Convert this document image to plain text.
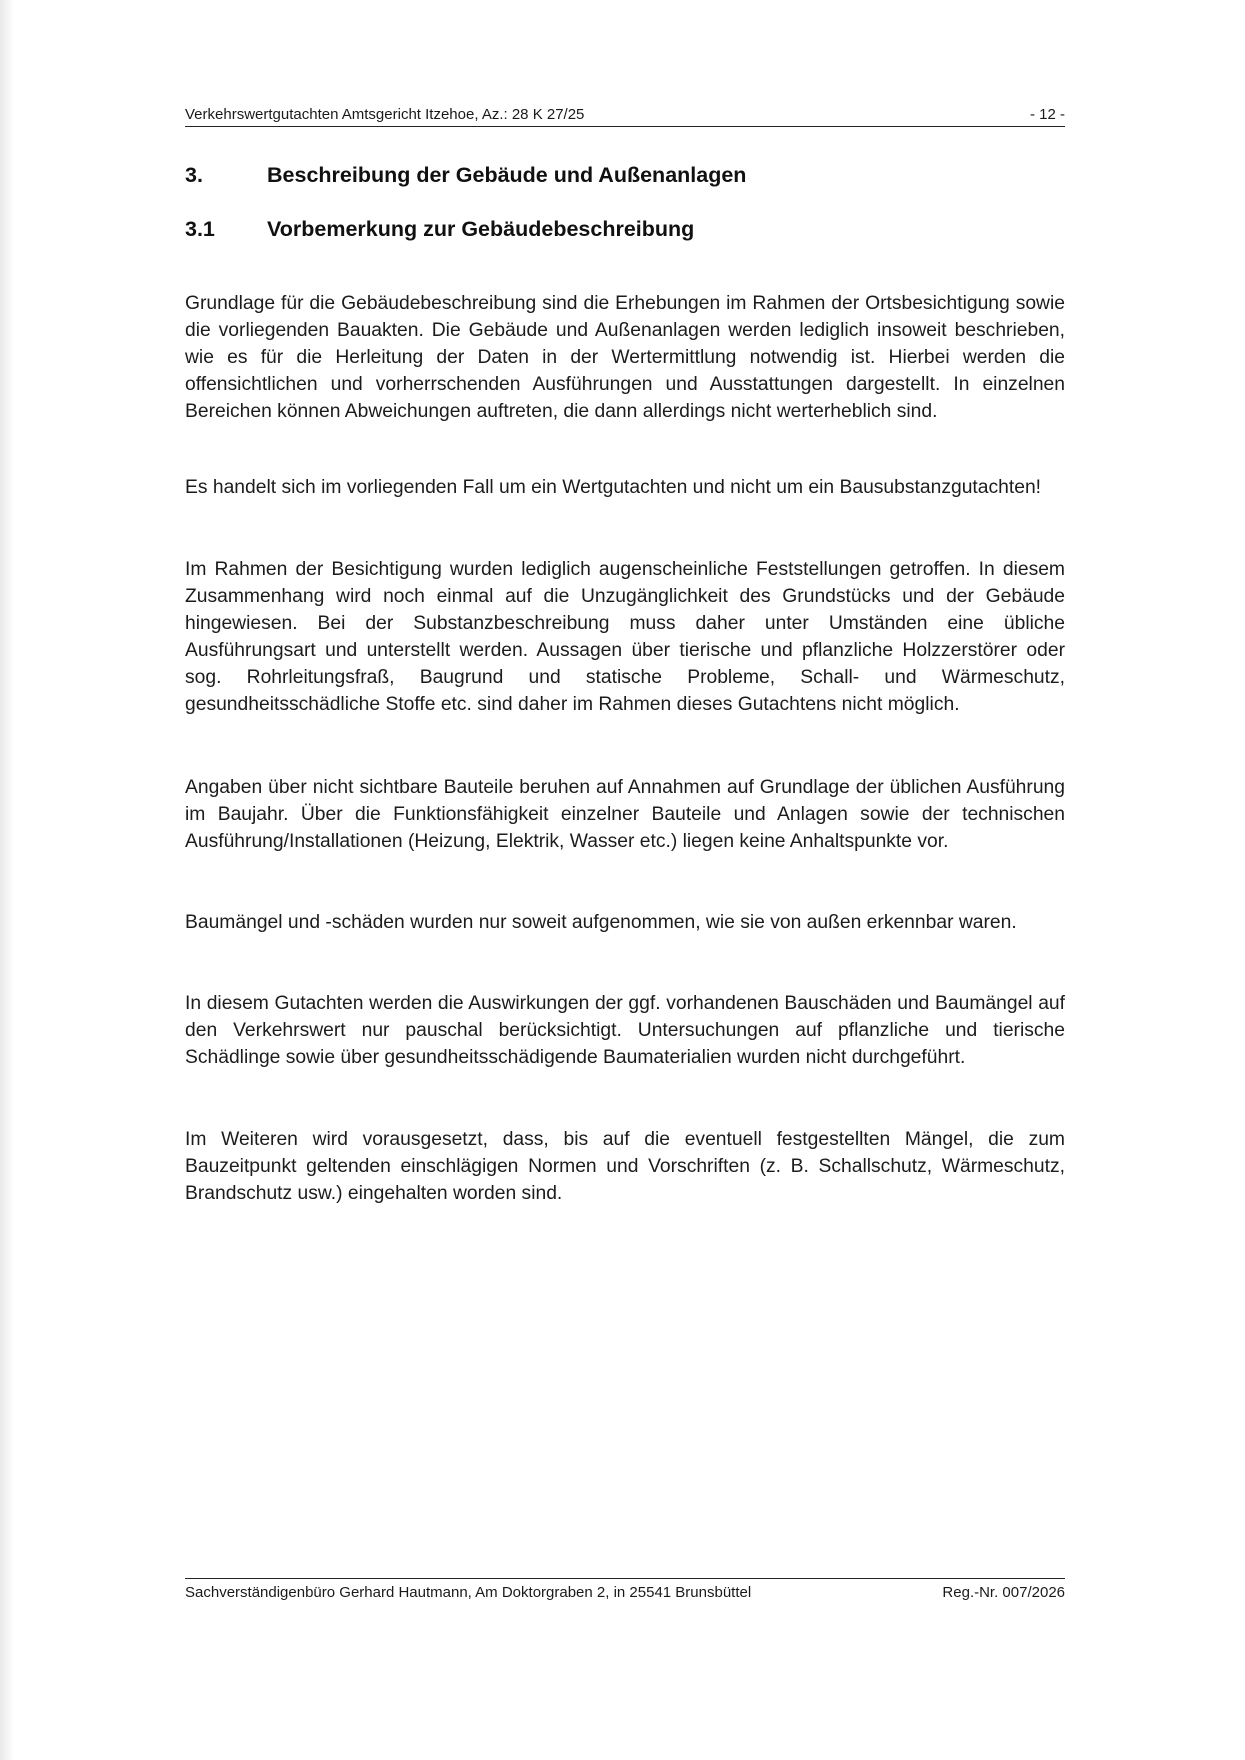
Verkehrswertgutachten Amtsgericht Itzehoe, Az.: 28 K 27/25	- 12 -
3.	Beschreibung der Gebäude und Außenanlagen
3.1 Vorbemerkung zur Gebäudebeschreibung

Grundlage für die Gebäudebeschreibung sind die Erhebungen im Rahmen der Ortsbesichtigung sowie die vorliegenden Bauakten. Die Gebäude und Außenanlagen werden lediglich insoweit beschrieben, wie es für die Herleitung der Daten in der Wertermittlung notwendig ist. Hierbei werden die offensichtlichen und vorherrschenden Ausführungen und Ausstattungen dargestellt. In einzelnen Bereichen können Abweichungen auftreten, die dann allerdings nicht werterheblich sind.

Es handelt sich im vorliegenden Fall um ein Wertgutachten und nicht um ein Bausubstanzgutachten!

Im Rahmen der Besichtigung wurden lediglich augenscheinliche Feststellungen getroffen. In diesem Zusammenhang wird noch einmal auf die Unzugänglichkeit des Grundstücks und der Gebäude hingewiesen. Bei der Substanzbeschreibung muss daher unter Umständen eine übliche Ausführungsart und unterstellt werden. Aussagen über tierische und pflanzliche Holzzerstörer oder sog. Rohrleitungsfraß, Baugrund und statische Probleme, Schall- und Wärmeschutz, gesundheitsschädliche Stoffe etc. sind daher im Rahmen dieses Gutachtens nicht möglich.

Angaben über nicht sichtbare Bauteile beruhen auf Annahmen auf Grundlage der üblichen Ausführung im Baujahr. Über die Funktionsfähigkeit einzelner Bauteile und Anlagen sowie der technischen Ausführung/Installationen (Heizung, Elektrik, Wasser etc.) liegen keine Anhaltspunkte vor.

Baumängel und -schäden wurden nur soweit aufgenommen, wie sie von außen erkennbar waren.

In diesem Gutachten werden die Auswirkungen der ggf. vorhandenen Bauschäden und Baumängel auf den Verkehrswert nur pauschal berücksichtigt. Untersuchungen auf pflanzliche und tierische Schädlinge sowie über gesundheitsschädigende Baumaterialien wurden nicht durchgeführt.

Im Weiteren wird vorausgesetzt, dass, bis auf die eventuell festgestellten Mängel, die zum Bauzeitpunkt geltenden einschlägigen Normen und Vorschriften (z. B. Schallschutz, Wärmeschutz, Brandschutz usw.) eingehalten worden sind.

Sachverständigenbüro Gerhard Hautmann, Am Doktorgraben 2, in 25541 Brunsbüttel	Reg.-Nr. 007/2026
